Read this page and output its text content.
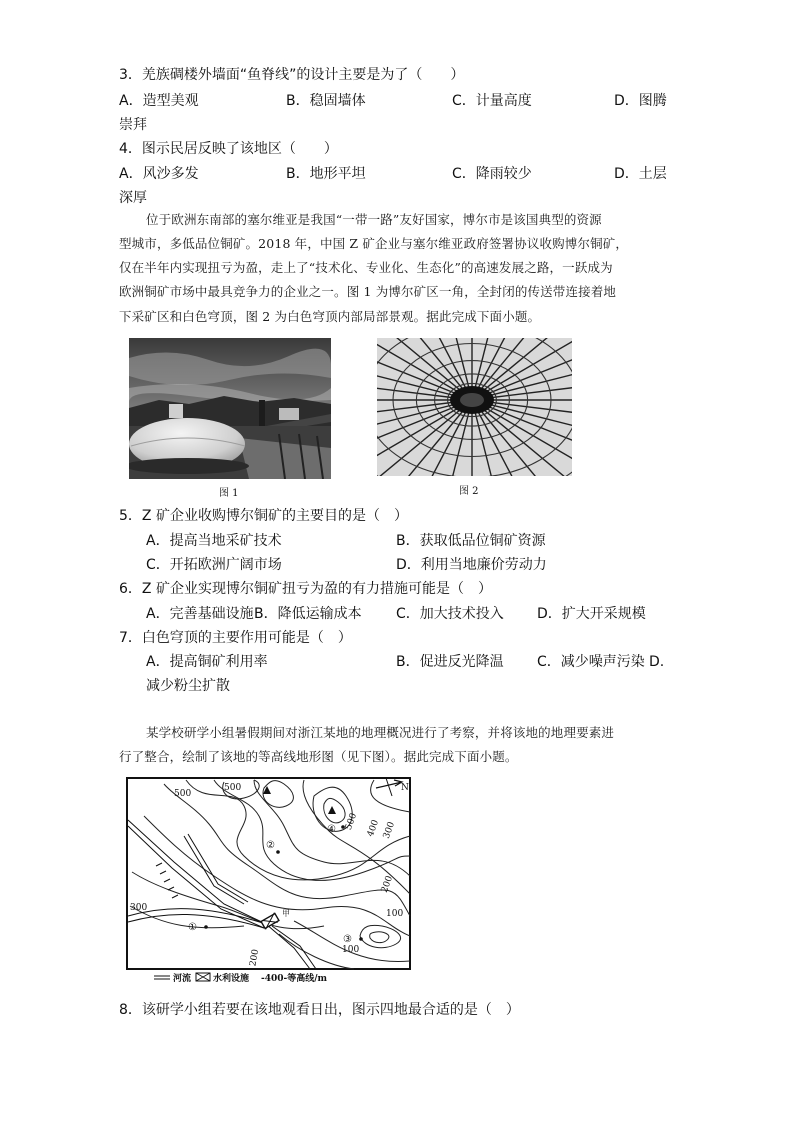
3．羌族碉楼外墙面“鱼脊线”的设计主要是为了（　　）
A．造型美观	B．稳固墙体	C．计量高度	D．图腾
崇拜
4．图示民居反映了该地区（　　）
A．风沙多发	B．地形平坦	C．降雨较少	D．土层
深厚
位于欧洲东南部的塞尔维亚是我国“一带一路”友好国家，博尔市是该国典型的资源
型城市，多低品位铜矿。2018 年，中国 Z 矿企业与塞尔维亚政府签署协议收购博尔铜矿，
仅在半年内实现扭亏为盈，走上了“技术化、专业化、生态化”的高速发展之路，一跃成为
欧洲铜矿市场中最具竞争力的企业之一。图 1 为博尔矿区一角，全封闭的传送带连接着地
下采矿区和白色穹顶，图 2 为白色穹顶内部局部景观。据此完成下面小题。
图 1	图 2
5．Z 矿企业收购博尔铜矿的主要目的是（　）
A．提高当地采矿技术	B．获取低品位铜矿资源
C．开拓欧洲广阔市场	D．利用当地廉价劳动力
6．Z 矿企业实现博尔铜矿扭亏为盈的有力措施可能是（　）
A．完善基础设施 B．降低运输成本 C．加大技术投入 D．扩大开采规模
7．白色穹顶的主要作用可能是（　）
A．提高铜矿利用率	B．促进反光降温 C．减少噪声污染 D.
减少粉尘扩散
某学校研学小组暑假期间对浙江某地的地理概况进行了考察，并将该地的地理要素进
行了整合，绘制了该地的等高线地形图（见下图）。据此完成下面小题。
500
500
500 400 300
300
200
200
100
100
N
①
②
③
④
甲
河流 水利设施 -400-等高线/m
8．该研学小组若要在该地观看日出，图示四地最合适的是（　）
